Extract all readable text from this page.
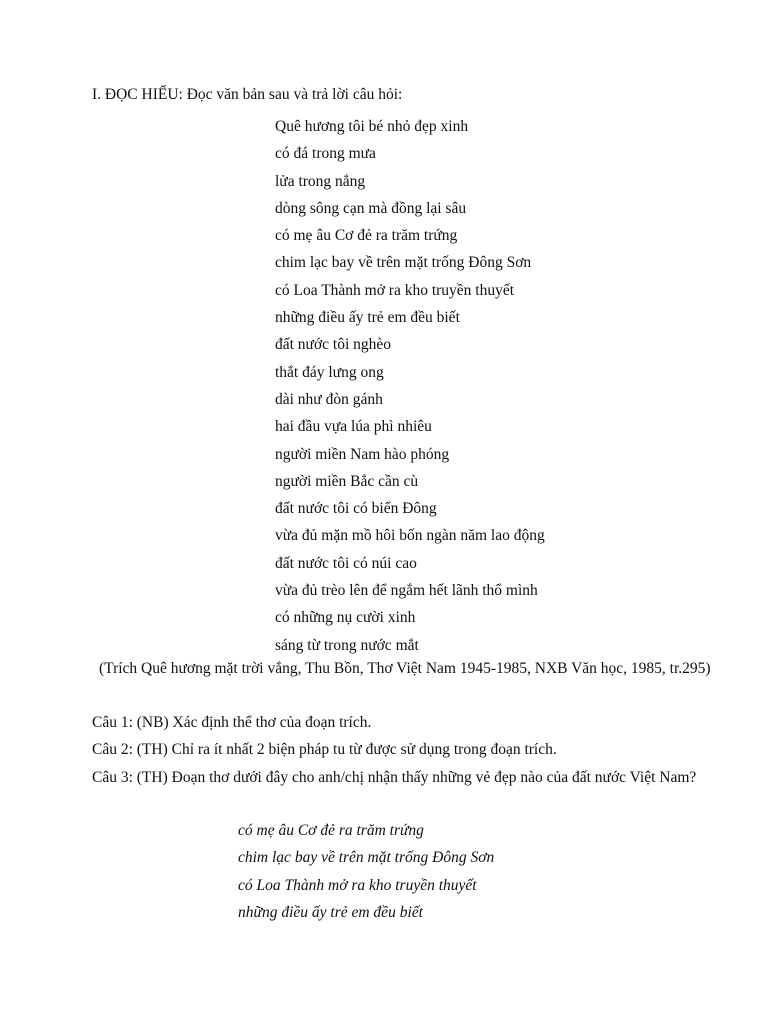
I. ĐỌC HIỂU: Đọc văn bản sau và trả lời câu hỏi:
Quê hương tôi bé nhỏ đẹp xinh
có đá trong mưa
lửa trong nắng
dòng sông cạn mà đồng lại sâu
có mẹ âu Cơ đẻ ra trăm trứng
chim lạc bay về trên mặt trống Đông Sơn
có Loa Thành mở ra kho truyền thuyết
những điều ấy trẻ em đều biết
đất nước tôi nghèo
thắt đáy lưng ong
dài như đòn gánh
hai đầu vựa lúa phì nhiêu
người miền Nam hào phóng
người miền Bắc cần cù
đất nước tôi có biển Đông
vừa đủ mặn mồ hôi bốn ngàn năm lao động
đất nước tôi có núi cao
vừa đủ trèo lên để ngắm hết lãnh thổ mình
có những nụ cười xinh
sáng từ trong nước mắt
(Trích Quê hương mặt trời vắng, Thu Bồn, Thơ Việt Nam 1945-1985, NXB Văn học, 1985, tr.295)
Câu 1: (NB) Xác định thể thơ của đoạn trích.
Câu 2: (TH) Chỉ ra ít nhất 2 biện pháp tu từ được sử dụng trong đoạn trích.
Câu 3: (TH) Đoạn thơ dưới đây cho anh/chị nhận thấy những vẻ đẹp nào của đất nước Việt Nam?
có mẹ âu Cơ đẻ ra trăm trứng
chim lạc bay về trên mặt trống Đông Sơn
có Loa Thành mở ra kho truyền thuyết
những điều ấy trẻ em đều biết
